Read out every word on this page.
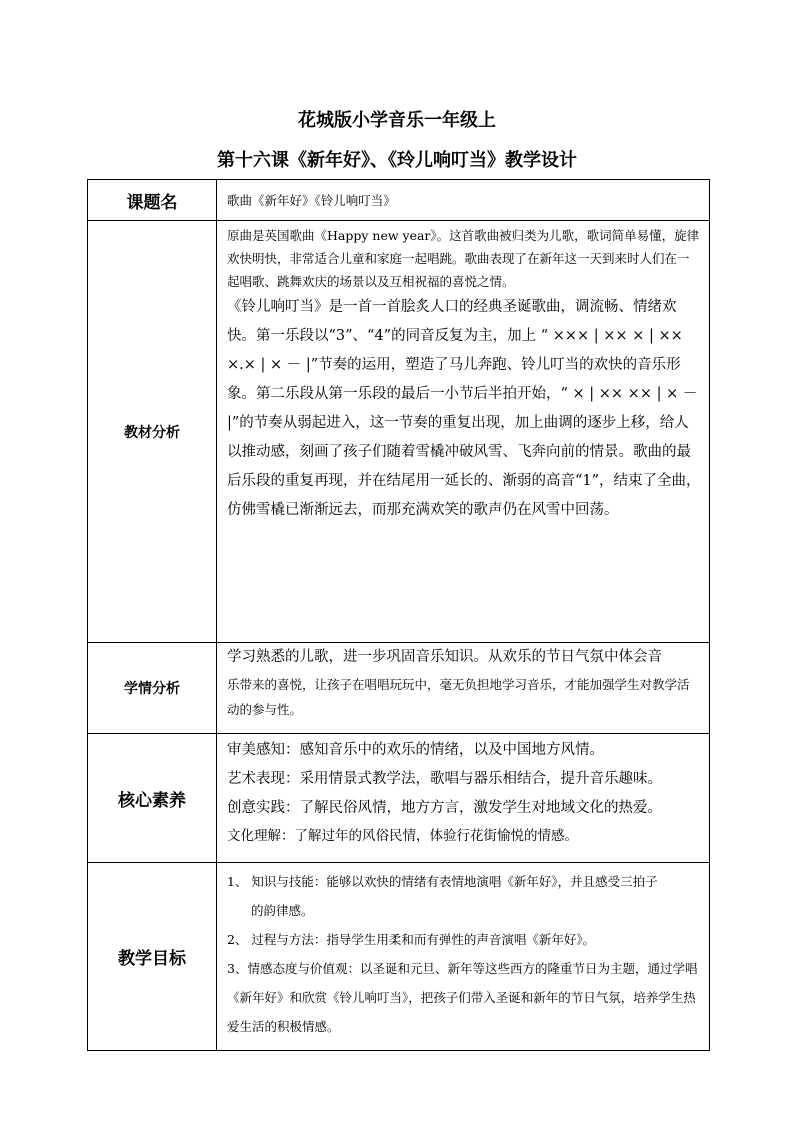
花城版小学音乐一年级上
第十六课《新年好》、《玲儿响叮当》教学设计
课题名	歌曲《新年好》《铃儿响叮当》
教材分析	原曲是英国歌曲《Happy new year》。这首歌曲被归类为儿歌，歌词简单易懂，旋律欢快明快，非常适合儿童和家庭一起唱跳。歌曲表现了在新年这一天到来时人们在一起唱歌、跳舞欢庆的场景以及互相祝福的喜悦之情。

《铃儿响叮当》是一首一首脍炙人口的经典圣诞歌曲，调流畅、情绪欢快。第一乐段以“3”、“4”的同音反复为主，加上 “ ××× | ×× × | ×× ×.× | × － |”节奏的运用，塑造了马儿奔跑、铃儿叮当的欢快的音乐形象。第二乐段从第一乐段的最后一小节后半拍开始，“ × | ×× ×× | × － |”的节奏从弱起进入，这一节奏的重复出现，加上曲调的逐步上移，给人以推动感，刻画了孩子们随着雪橇冲破风雪、飞奔向前的情景。歌曲的最后乐段的重复再现，并在结尾用一延长的、渐弱的高音“1”，结束了全曲，仿佛雪橇已渐渐远去，而那充满欢笑的歌声仍在风雪中回荡。

学情分析	学习熟悉的儿歌，进一步巩固音乐知识。从欢乐的节日气氛中体会音

乐带来的喜悦，让孩子在唱唱玩玩中，毫无负担地学习音乐，才能加强学生对教学活动的参与性。

核心素养	审美感知：感知音乐中的欢乐的情绪，以及中国地方风情。

艺术表现：采用情景式教学法，歌唱与器乐相结合，提升音乐趣味。

创意实践：了解民俗风情，地方方言，激发学生对地域文化的热爱。

文化理解：了解过年的风俗民情，体验行花街愉悦的情感。

教学目标	1、 知识与技能：能够以欢快的情绪有表情地演唱《新年好》，并且感受三拍子

的韵律感。

2、 过程与方法：指导学生用柔和而有弹性的声音演唱《新年好》。

3、情感态度与价值观：以圣诞和元旦、新年等这些西方的隆重节日为主题，通过学唱《新年好》和欣赏《铃儿响叮当》，把孩子们带入圣诞和新年的节日气氛，培养学生热爱生活的积极情感。
